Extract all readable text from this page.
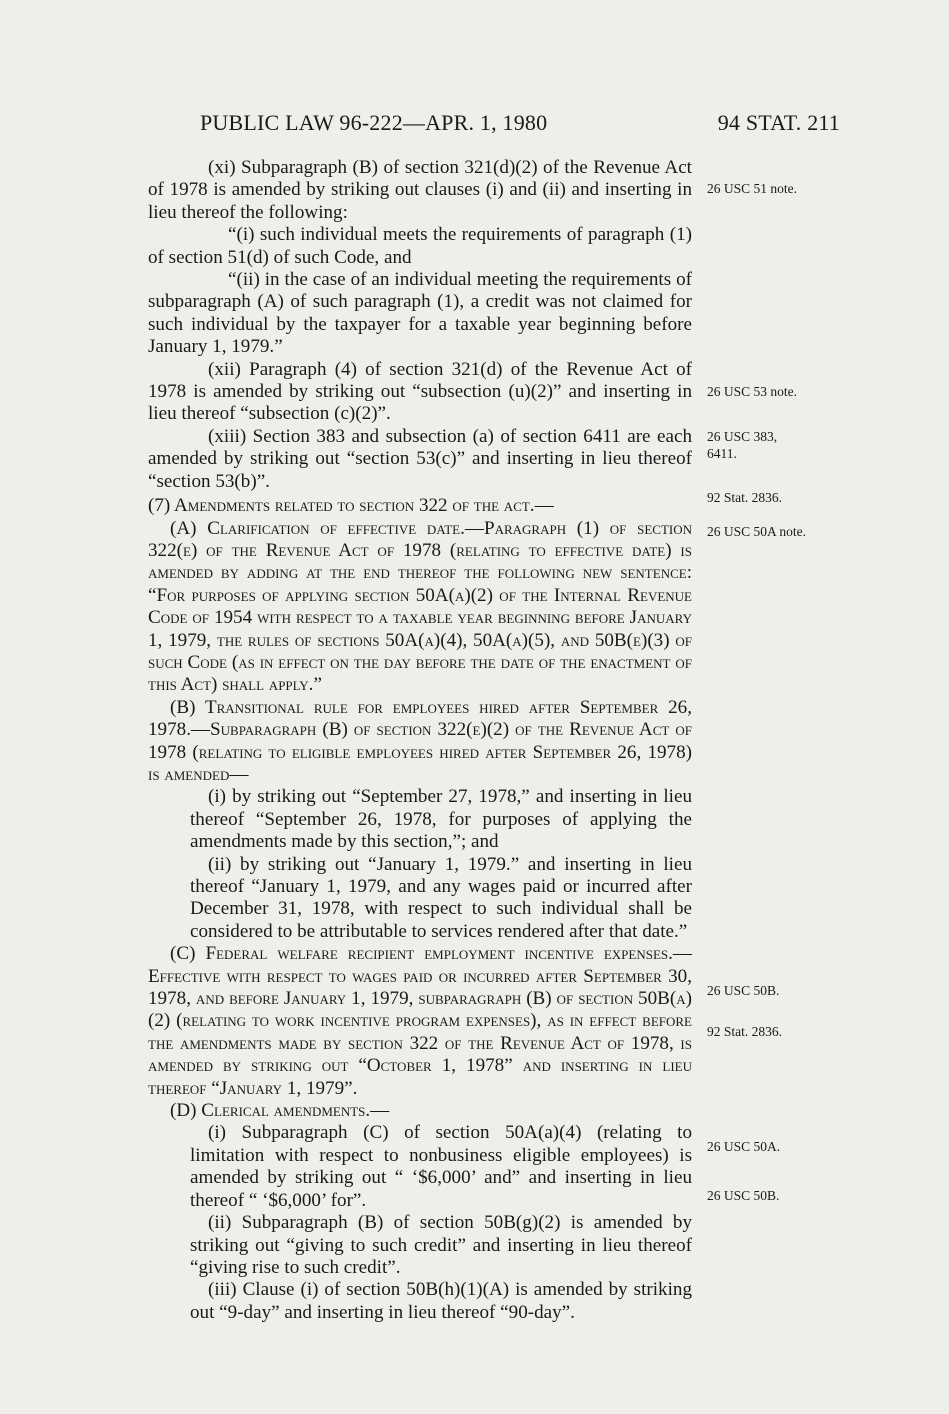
PUBLIC LAW 96-222—APR. 1, 1980	94 STAT. 211

(xi) Subparagraph (B) of section 321(d)(2) of the Revenue Act of 1978 is amended by striking out clauses (i) and (ii) and inserting in lieu thereof the following:

“(i) such individual meets the requirements of paragraph (1) of section 51(d) of such Code, and

“(ii) in the case of an individual meeting the requirements of subparagraph (A) of such paragraph (1), a credit was not claimed for such individual by the taxpayer for a taxable year beginning before January 1, 1979.”

(xii) Paragraph (4) of section 321(d) of the Revenue Act of 1978 is amended by striking out “subsection (u)(2)” and inserting in lieu thereof “subsection (c)(2)”.

(xiii) Section 383 and subsection (a) of section 6411 are each amended by striking out “section 53(c)” and inserting in lieu thereof “section 53(b)”.

(7) Amendments related to section 322 of the act.—

(A) Clarification of effective date.—Paragraph (1) of section 322(e) of the Revenue Act of 1978 (relating to effective date) is amended by adding at the end thereof the following new sentence: “For purposes of applying section 50A(a)(2) of the Internal Revenue Code of 1954 with respect to a taxable year beginning before January 1, 1979, the rules of sections 50A(a)(4), 50A(a)(5), and 50B(e)(3) of such Code (as in effect on the day before the date of the enactment of this Act) shall apply.”

(B) Transitional rule for employees hired after September 26, 1978.—Subparagraph (B) of section 322(e)(2) of the Revenue Act of 1978 (relating to eligible employees hired after September 26, 1978) is amended—

(i) by striking out “September 27, 1978,” and inserting in lieu thereof “September 26, 1978, for purposes of applying the amendments made by this section,”; and

(ii) by striking out “January 1, 1979.” and inserting in lieu thereof “January 1, 1979, and any wages paid or incurred after December 31, 1978, with respect to such individual shall be considered to be attributable to services rendered after that date.”

(C) Federal welfare recipient employment incentive expenses.—Effective with respect to wages paid or incurred after September 30, 1978, and before January 1, 1979, subparagraph (B) of section 50B(a)(2) (relating to work incentive program expenses), as in effect before the amendments made by section 322 of the Revenue Act of 1978, is amended by striking out “October 1, 1978” and inserting in lieu thereof “January 1, 1979”.

(D) Clerical amendments.—

(i) Subparagraph (C) of section 50A(a)(4) (relating to limitation with respect to nonbusiness eligible employees) is amended by striking out “ ‘$6,000’ and” and inserting in lieu thereof “ ‘$6,000’ for”.

(ii) Subparagraph (B) of section 50B(g)(2) is amended by striking out “giving to such credit” and inserting in lieu thereof “giving rise to such credit”.

(iii) Clause (i) of section 50B(h)(1)(A) is amended by striking out “9-day” and inserting in lieu thereof “90-day”.

26 USC 51 note.
26 USC 53 note.
26 USC 383, 6411.
92 Stat. 2836.
26 USC 50A note.
26 USC 50B.
92 Stat. 2836.
26 USC 50A.
26 USC 50B.
